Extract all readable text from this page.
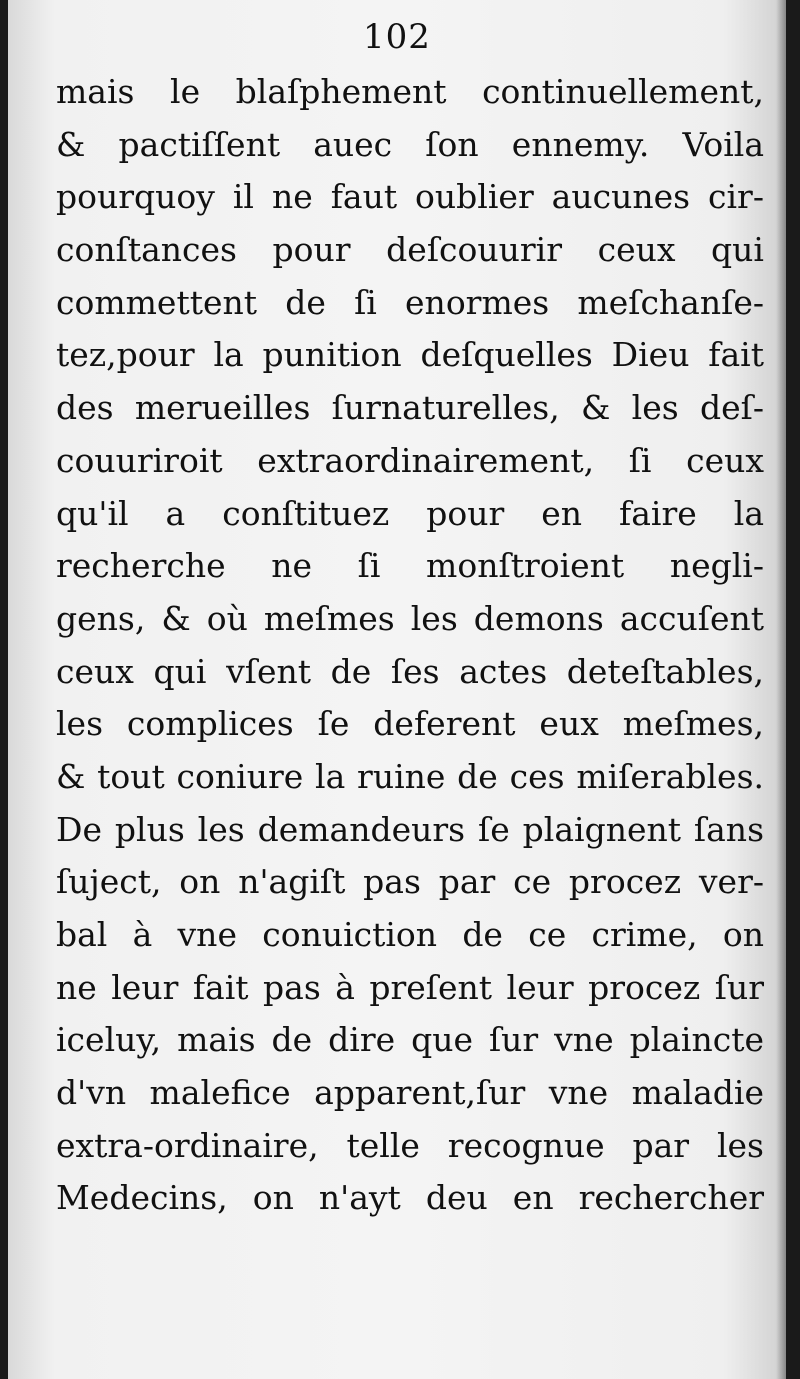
102
mais le blaſphement continuellement,
& pactiſſent auec ſon ennemy. Voila
pourquoy il ne faut oublier aucunes cir-
conſtances pour deſcouurir ceux qui
commettent de ſi enormes meſchanſe-
tez,pour la punition deſquelles Dieu fait
des merueilles ſurnaturelles, & les deſ-
couuriroit extraordinairement, ſi ceux
qu'il a conſtituez pour en faire la
recherche ne ſi monſtroient negli-
gens, & où meſmes les demons accuſent
ceux qui vſent de ſes actes deteſtables,
les complices ſe deferent eux meſmes,
& tout coniure la ruine de ces miſerables.
De plus les demandeurs ſe plaignent ſans
ſuject, on n'agiſt pas par ce procez ver-
bal à vne conuiction de ce crime, on
ne leur fait pas à preſent leur procez ſur
iceluy, mais de dire que ſur vne plaincte
d'vn malefice apparent,ſur vne maladie
extra-ordinaire, telle recognue par les
Medecins, on n'ayt deu en rechercher
